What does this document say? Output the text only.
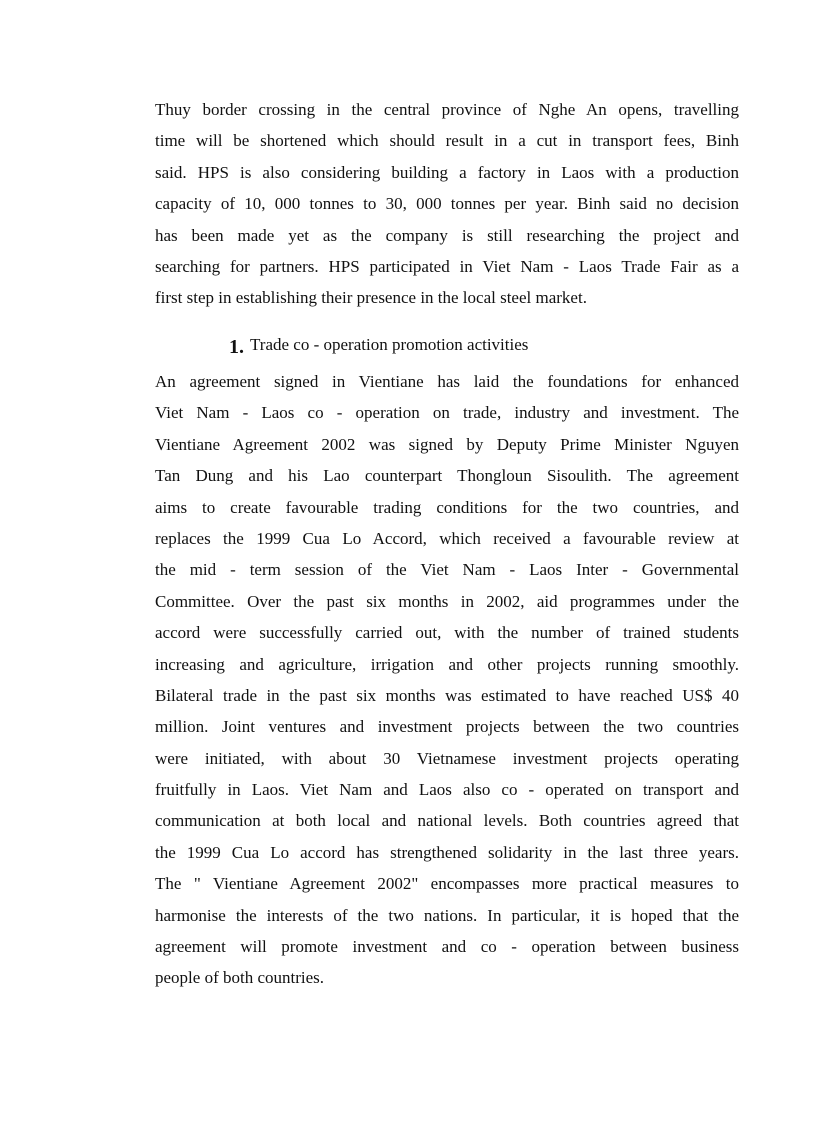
Thuy border crossing in the central province of Nghe An opens, travelling
time will be shortened which should result in a cut in transport fees, Binh
said. HPS is also considering building a factory in Laos with a production
capacity of 10, 000 tonnes to 30, 000 tonnes per year. Binh said no decision
has been made yet as the company is still researching the project and
searching for partners. HPS participated in Viet Nam - Laos Trade Fair as a
first step in establishing their presence in the local steel market.
1. Trade co - operation promotion activities
An agreement signed in Vientiane has laid the foundations for enhanced
Viet Nam - Laos co - operation on trade, industry and investment. The
Vientiane Agreement 2002 was signed by Deputy Prime Minister Nguyen
Tan Dung and his Lao counterpart Thongloun Sisoulith. The agreement
aims to create favourable trading conditions for the two countries, and
replaces the 1999 Cua Lo Accord, which received a favourable review at
the mid - term session of the Viet Nam - Laos Inter - Governmental
Committee. Over the past six months in 2002, aid programmes under the
accord were successfully carried out, with the number of trained students
increasing and agriculture, irrigation and other projects running smoothly.
Bilateral trade in the past six months was estimated to have reached US$ 40
million. Joint ventures and investment projects between the two countries
were initiated, with about 30 Vietnamese investment projects operating
fruitfully in Laos. Viet Nam and Laos also co - operated on transport and
communication at both local and national levels. Both countries agreed that
the 1999 Cua Lo accord has strengthened solidarity in the last three years.
The " Vientiane Agreement 2002" encompasses more practical measures to
harmonise the interests of the two nations. In particular, it is hoped that the
agreement will promote investment and co - operation between business
people of both countries.
